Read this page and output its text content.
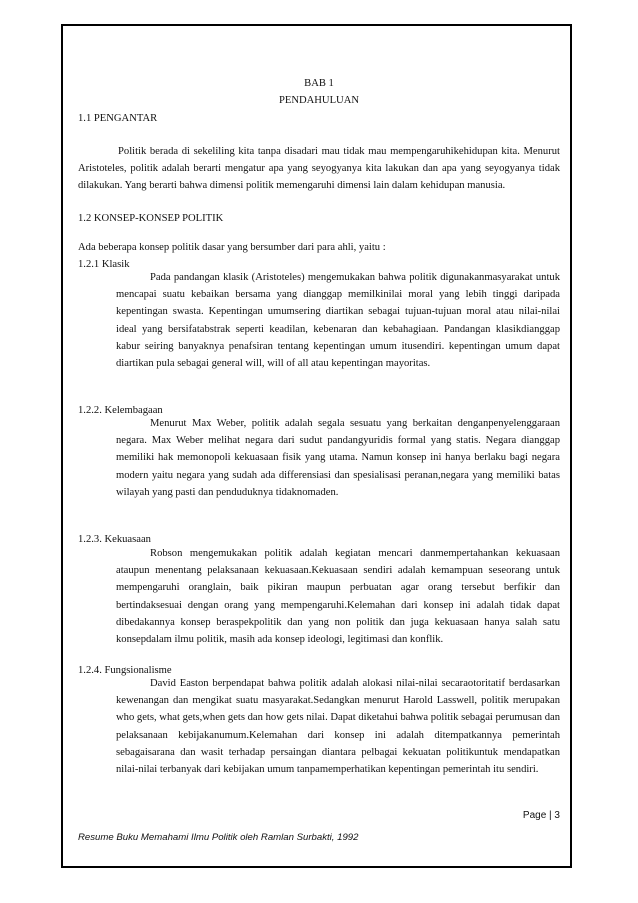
BAB 1
PENDAHULUAN
1.1 PENGANTAR
Politik berada di sekeliling kita tanpa disadari mau tidak mau mempengaruhikehidupan kita. Menurut Aristoteles, politik adalah berarti mengatur apa yang seyogyanya kita lakukan dan apa yang seyogyanya tidak dilakukan. Yang berarti bahwa dimensi politik memengaruhi dimensi lain dalam kehidupan manusia.
1.2 KONSEP-KONSEP POLITIK
Ada beberapa konsep politik dasar yang bersumber dari para ahli, yaitu :
1.2.1 Klasik
Pada pandangan klasik (Aristoteles) mengemukakan bahwa politik digunakanmasyarakat untuk mencapai suatu kebaikan bersama yang dianggap memilkinilai moral yang lebih tinggi daripada kepentingan swasta. Kepentingan umumsering diartikan sebagai tujuan-tujuan moral atau nilai-nilai ideal yang bersifatabstrak seperti keadilan, kebenaran dan kebahagiaan. Pandangan klasikdianggap kabur seiring banyaknya penafsiran tentang kepentingan umum itusendiri. kepentingan umum dapat diartikan pula sebagai general will, will of all atau kepentingan mayoritas.
1.2.2. Kelembagaan
Menurut Max Weber, politik adalah segala sesuatu yang berkaitan denganpenyelenggaraan negara. Max Weber melihat negara dari sudut pandangyuridis formal yang statis. Negara dianggap memiliki hak memonopoli kekuasaan fisik yang utama. Namun konsep ini hanya berlaku bagi negara modern yaitu negara yang sudah ada differensiasi dan spesialisasi peranan,negara yang memiliki batas wilayah yang pasti dan penduduknya tidaknomaden.
1.2.3. Kekuasaan
Robson mengemukakan politik adalah kegiatan mencari danmempertahankan kekuasaan ataupun menentang pelaksanaan kekuasaan.Kekuasaan sendiri adalah kemampuan seseorang untuk mempengaruhi oranglain, baik pikiran maupun perbuatan agar orang tersebut berfikir dan bertindaksesuai dengan orang yang mempengaruhi.Kelemahan dari konsep ini adalah tidak dapat dibedakannya konsep beraspekpolitik dan yang non politik dan juga kekuasaan hanya salah satu konsepdalam ilmu politik, masih ada konsep ideologi, legitimasi dan konflik.
1.2.4. Fungsionalisme
David Easton berpendapat bahwa politik adalah alokasi nilai-nilai secaraotoritatif berdasarkan kewenangan dan mengikat suatu masyarakat.Sedangkan menurut Harold Lasswell, politik merupakan who gets, what gets,when gets dan how gets nilai. Dapat diketahui bahwa politik sebagai perumusan dan pelaksanaan kebijakanumum.Kelemahan dari konsep ini adalah ditempatkannya pemerintah sebagaisarana dan wasit terhadap persaingan diantara pelbagai kekuatan politikuntuk mendapatkan nilai-nilai terbanyak dari kebijakan umum tanpamemperhatikan kepentingan pemerintah itu sendiri.
Page | 3
Resume Buku Memahami Ilmu Politik oleh Ramlan Surbakti, 1992
